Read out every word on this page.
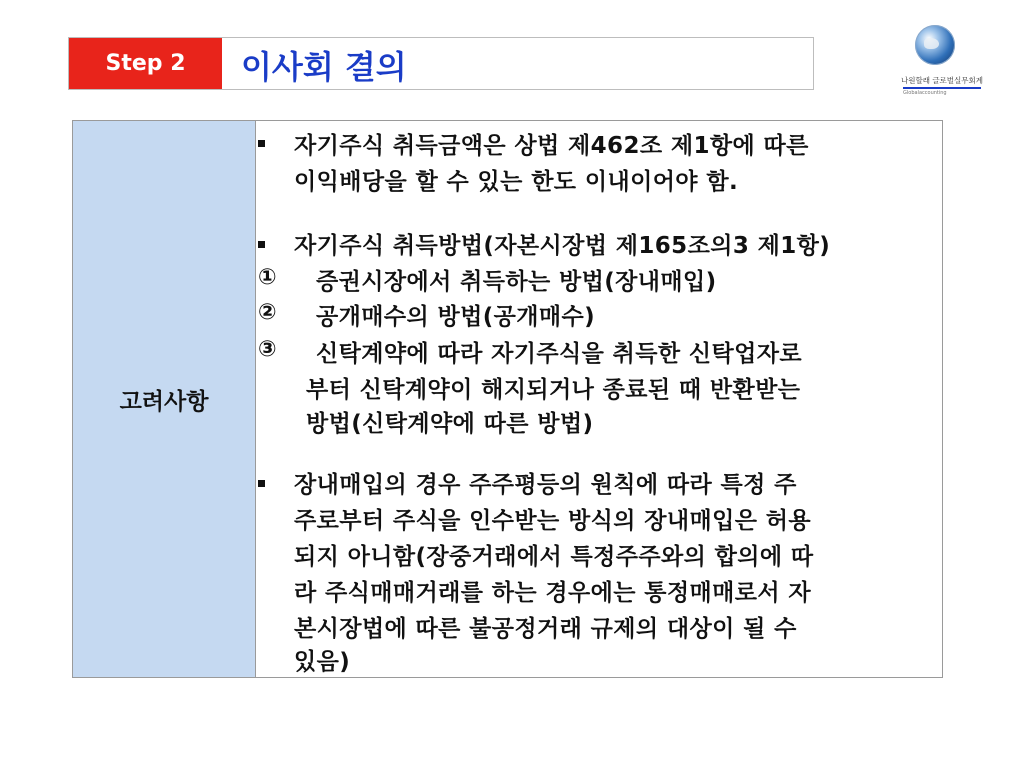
Step 2	이사회 결의	나원할래 글로벌실무회계
Globalaccounting
고려사항
자기주식 취득금액은 상법 제462조 제1항에 따른
이익배당을 할 수 있는 한도 이내이어야 함.
자기주식 취득방법(자본시장법 제165조의3 제1항)
① 증권시장에서 취득하는 방법(장내매입)
② 공개매수의 방법(공개매수)
③ 신탁계약에 따라 자기주식을 취득한 신탁업자로
부터 신탁계약이 해지되거나 종료된 때 반환받는
방법(신탁계약에 따른 방법)
장내매입의 경우 주주평등의 원칙에 따라 특정 주
주로부터 주식을 인수받는 방식의 장내매입은 허용
되지 아니함(장중거래에서 특정주주와의 합의에 따
라 주식매매거래를 하는 경우에는 통정매매로서 자
본시장법에 따른 불공정거래 규제의 대상이 될 수
있음)
